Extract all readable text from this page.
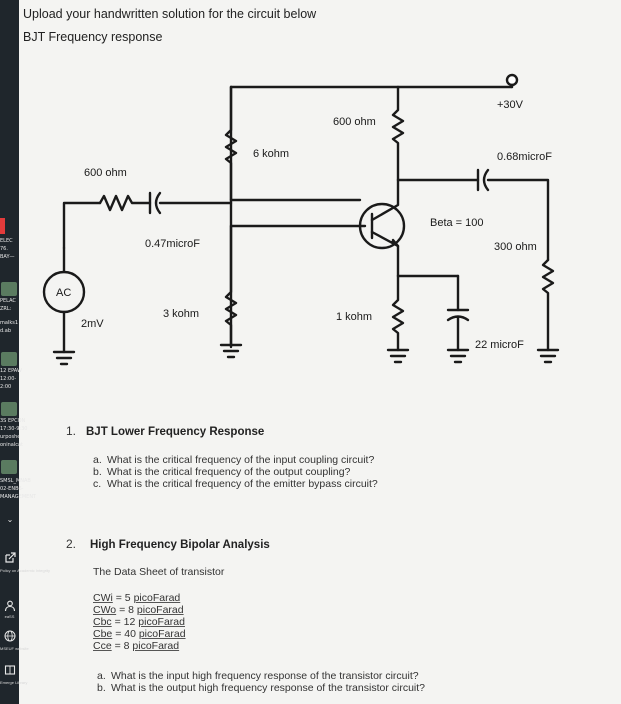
ELEC
76.
BAY—
PELAC
ZRL:
malks1
d.ab
12 EPAW
12:00-
2:00
3S EPCON
17:30-9:30
urposhe
oninalcat
SMSL_MNAB
02-ENB6-
MANAGEMENT
⌄
Policy on Academic Integrity
eaSS
MSEUF website
Emerge Library
Upload your handwritten solution for the circuit below
BJT Frequency response
+30V
600 ohm
6 kohm
600 ohm
0.68microF
Beta = 100
0.47microF	300 ohm
AC
2mV
3 kohm	1 kohm
22 microF
1. BJT Lower Frequency Response
a. What is the critical frequency of the input coupling circuit?
b. What is the critical frequency of the output coupling?
c. What is the critical frequency of the emitter bypass circuit?
2. High Frequency Bipolar Analysis
The Data Sheet of transistor
CWi = 5 picoFarad
CWo = 8 picoFarad
Cbc = 12 picoFarad
Cbe = 40 picoFarad
Cce = 8 picoFarad
a. What is the input high frequency response of the transistor circuit?
b. What is the output high frequency response of the transistor circuit?
